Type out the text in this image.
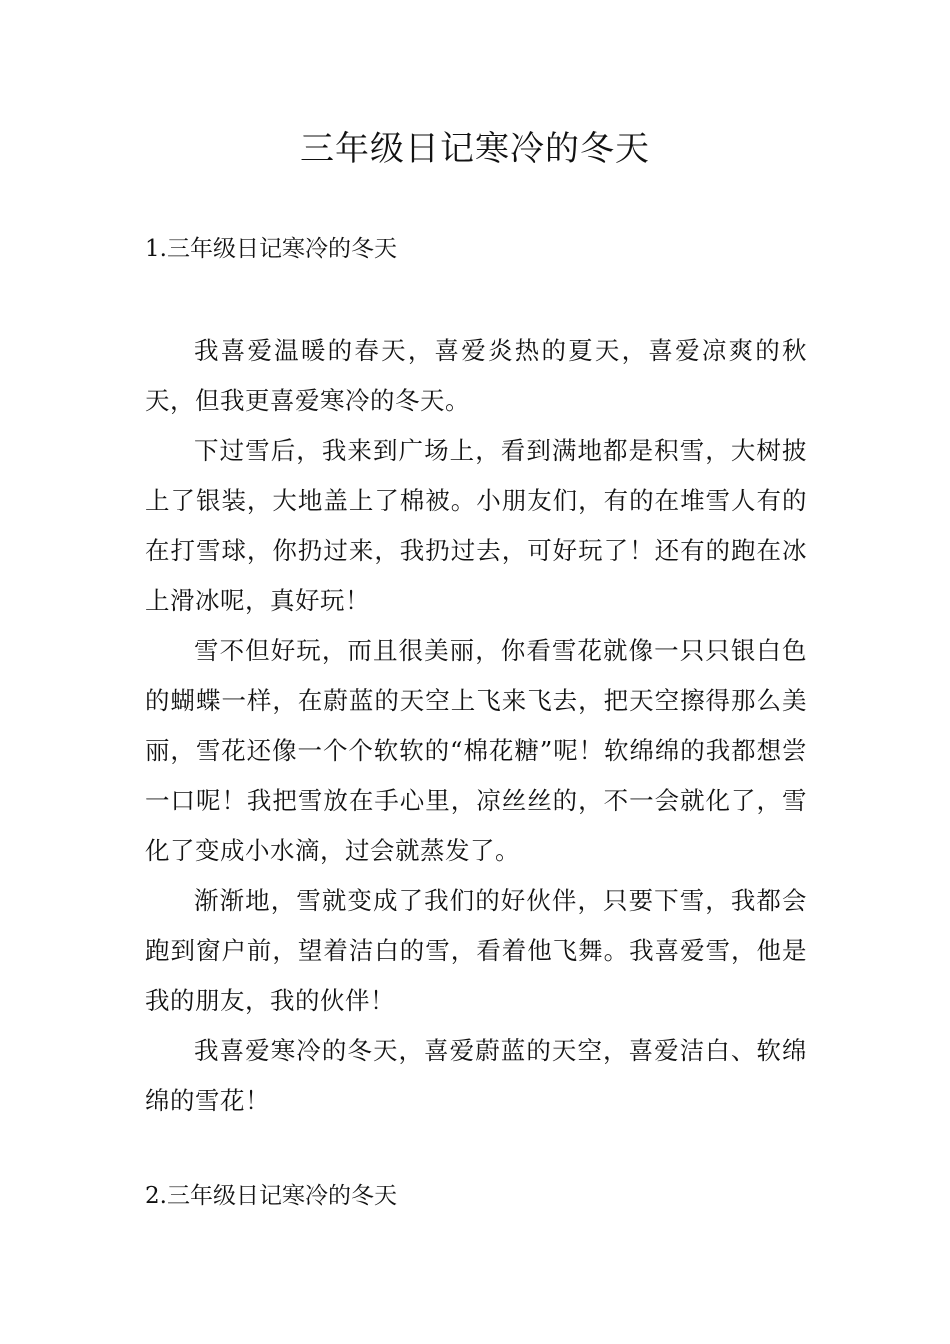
三年级日记寒冷的冬天
1.三年级日记寒冷的冬天

我喜爱温暖的春天，喜爱炎热的夏天，喜爱凉爽的秋天，但我更喜爱寒冷的冬天。

下过雪后，我来到广场上，看到满地都是积雪，大树披上了银装，大地盖上了棉被。小朋友们，有的在堆雪人有的在打雪球，你扔过来，我扔过去，可好玩了！还有的跑在冰上滑冰呢，真好玩！

雪不但好玩，而且很美丽，你看雪花就像一只只银白色的蝴蝶一样，在蔚蓝的天空上飞来飞去，把天空擦得那么美丽，雪花还像一个个软软的“棉花糖”呢！软绵绵的我都想尝一口呢！我把雪放在手心里，凉丝丝的，不一会就化了，雪化了变成小水滴，过会就蒸发了。

渐渐地，雪就变成了我们的好伙伴，只要下雪，我都会跑到窗户前，望着洁白的雪，看着他飞舞。我喜爱雪，他是我的朋友，我的伙伴！

我喜爱寒冷的冬天，喜爱蔚蓝的天空，喜爱洁白、软绵绵的雪花！

2.三年级日记寒冷的冬天
